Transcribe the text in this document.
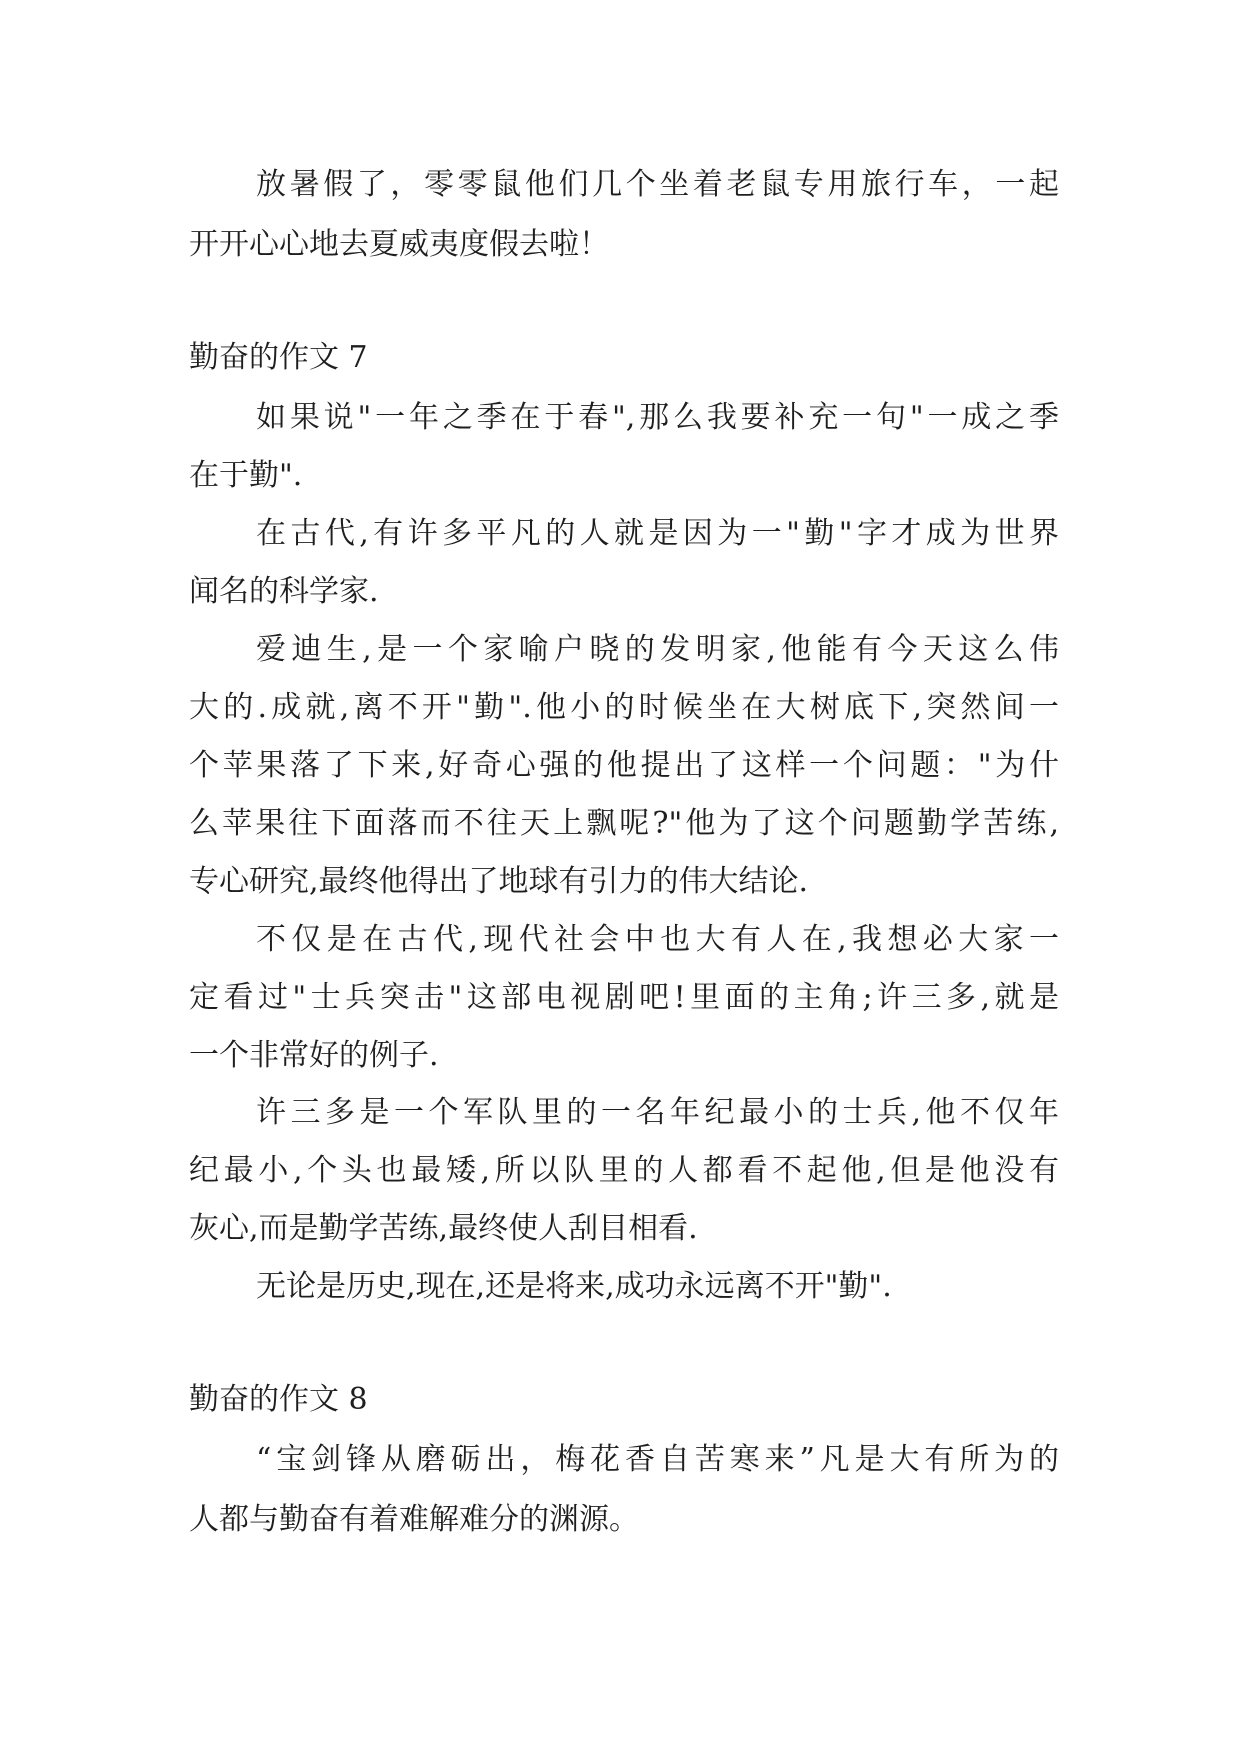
放暑假了，零零鼠他们几个坐着老鼠专用旅行车，一起
开开心心地去夏威夷度假去啦！
勤奋的作文 7
如果说"一年之季在于春",那么我要补充一句"一成之季
在于勤".
在古代,有许多平凡的人就是因为一"勤"字才成为世界
闻名的科学家.
爱迪生,是一个家喻户晓的发明家,他能有今天这么伟
大的.成就,离不开"勤".他小的时候坐在大树底下,突然间一
个苹果落了下来,好奇心强的他提出了这样一个问题："为什
么苹果往下面落而不往天上飘呢?"他为了这个问题勤学苦练,
专心研究,最终他得出了地球有引力的伟大结论.
不仅是在古代,现代社会中也大有人在,我想必大家一
定看过"士兵突击"这部电视剧吧!里面的主角;许三多,就是
一个非常好的例子.
许三多是一个军队里的一名年纪最小的士兵,他不仅年
纪最小,个头也最矮,所以队里的人都看不起他,但是他没有
灰心,而是勤学苦练,最终使人刮目相看.
无论是历史,现在,还是将来,成功永远离不开"勤".
勤奋的作文 8
“宝剑锋从磨砺出，梅花香自苦寒来”凡是大有所为的
人都与勤奋有着难解难分的渊源。
